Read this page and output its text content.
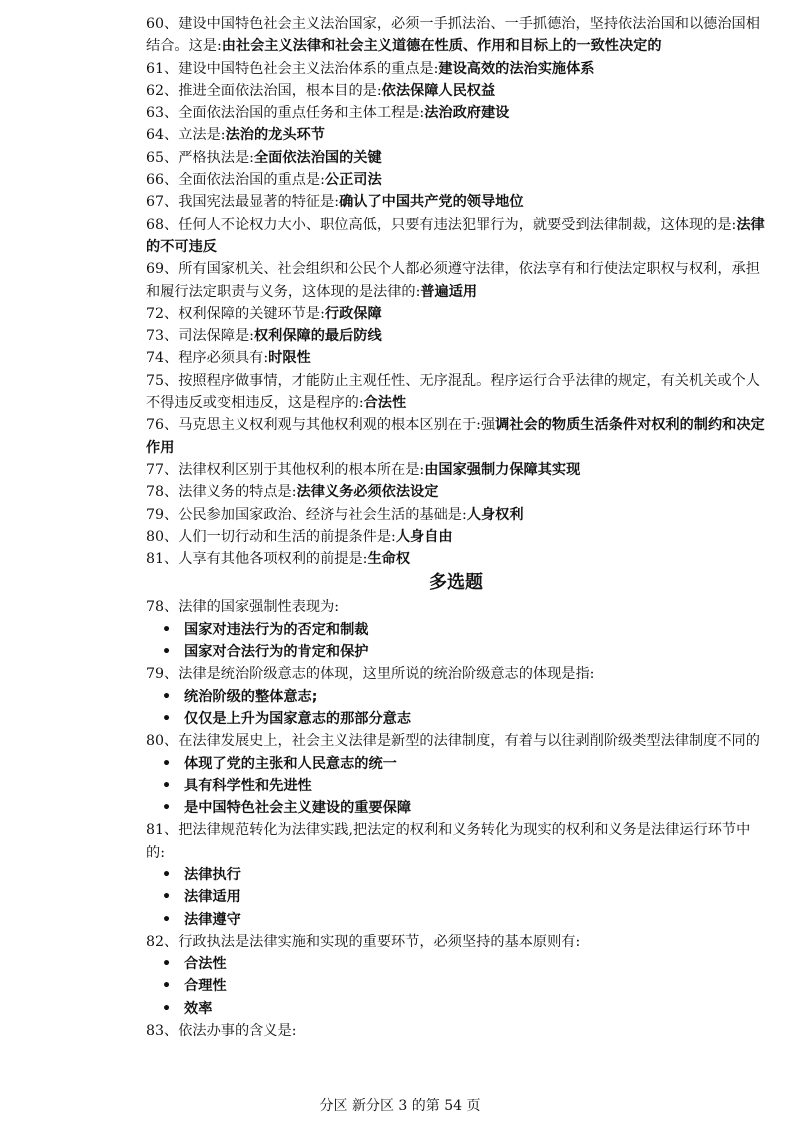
60、建设中国特色社会主义法治国家，必须一手抓法治、一手抓德治，坚持依法治国和以德治国相结合。这是:由社会主义法律和社会主义道德在性质、作用和目标上的一致性决定的
61、建设中国特色社会主义法治体系的重点是:建设高效的法治实施体系
62、推进全面依法治国，根本目的是:依法保障人民权益
63、全面依法治国的重点任务和主体工程是:法治政府建设
64、立法是:法治的龙头环节
65、严格执法是:全面依法治国的关键
66、全面依法治国的重点是:公正司法
67、我国宪法最显著的特征是:确认了中国共产党的领导地位
68、任何人不论权力大小、职位高低，只要有违法犯罪行为，就要受到法律制裁，这体现的是:法律的不可违反
69、所有国家机关、社会组织和公民个人都必须遵守法律，依法享有和行使法定职权与权利，承担和履行法定职责与义务，这体现的是法律的:普遍适用
72、权利保障的关键环节是:行政保障
73、司法保障是:权利保障的最后防线
74、程序必须具有:时限性
75、按照程序做事情，才能防止主观任性、无序混乱。程序运行合乎法律的规定，有关机关或个人不得违反或变相违反，这是程序的:合法性
76、马克思主义权利观与其他权利观的根本区别在于:强调社会的物质生活条件对权利的制约和决定作用
77、法律权利区别于其他权利的根本所在是:由国家强制力保障其实现
78、法律义务的特点是:法律义务必须依法设定
79、公民参加国家政治、经济与社会生活的基础是:人身权利
80、人们一切行动和生活的前提条件是:人身自由
81、人享有其他各项权利的前提是:生命权
多选题
78、法律的国家强制性表现为:
• 国家对违法行为的否定和制裁
• 国家对合法行为的肯定和保护
79、法律是统治阶级意志的体现，这里所说的统治阶级意志的体现是指:
• 统治阶级的整体意志;
• 仅仅是上升为国家意志的那部分意志
80、在法律发展史上，社会主义法律是新型的法律制度，有着与以往剥削阶级类型法律制度不同的
• 体现了党的主张和人民意志的统一
• 具有科学性和先进性
• 是中国特色社会主义建设的重要保障
81、把法律规范转化为法律实践,把法定的权利和义务转化为现实的权利和义务是法律运行环节中的:
• 法律执行
• 法律适用
• 法律遵守
82、行政执法是法律实施和实现的重要环节，必须坚持的基本原则有:
• 合法性
• 合理性
• 效率
83、依法办事的含义是:
分区 新分区 3 的第 54 页
